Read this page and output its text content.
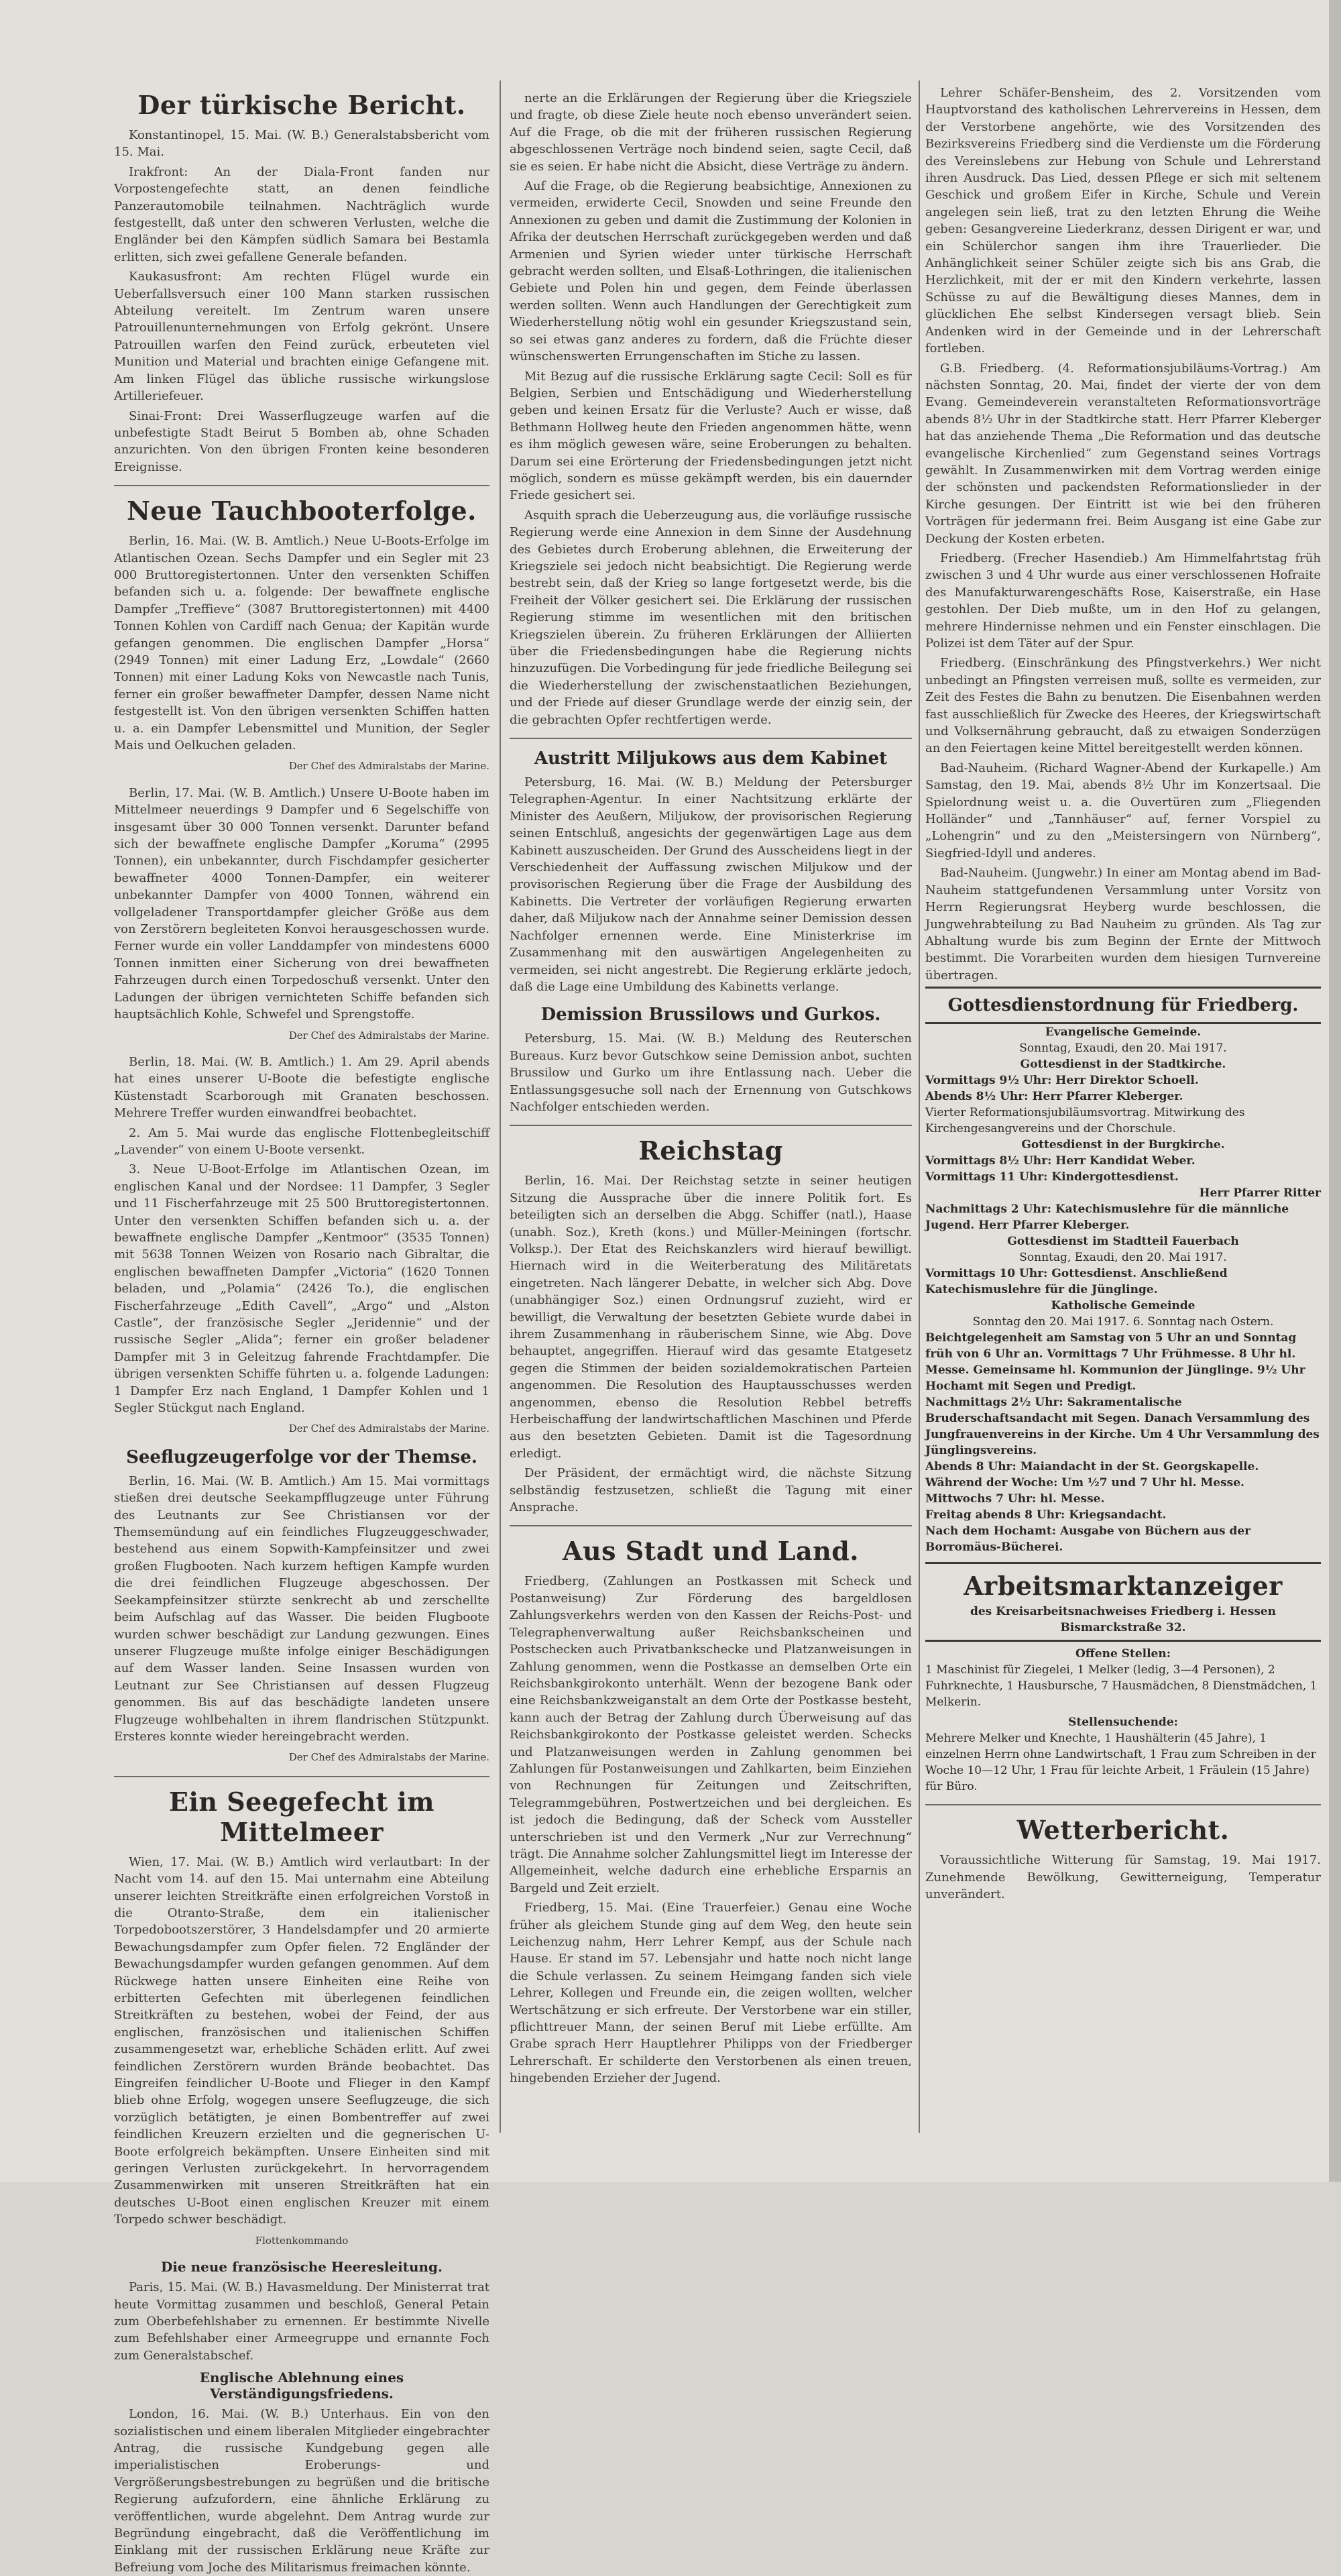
Der türkische Bericht.

Konstantinopel, 15. Mai. (W. B.) Generalstabsbericht vom 15. Mai.

Irakfront: An der Diala-Front fanden nur Vorpostengefechte statt, an denen feindliche Panzerautomobile teilnahmen. Nachträglich wurde festgestellt, daß unter den schweren Verlusten, welche die Engländer bei den Kämpfen südlich Samara bei Bestamla erlitten, sich zwei gefallene Generale befanden.

Kaukasusfront: Am rechten Flügel wurde ein Ueberfallsversuch einer 100 Mann starken russischen Abteilung vereitelt. Im Zentrum waren unsere Patrouillenunternehmungen von Erfolg gekrönt. Unsere Patrouillen warfen den Feind zurück, erbeuteten viel Munition und Material und brachten einige Gefangene mit. Am linken Flügel das übliche russische wirkungslose Artilleriefeuer.

Sinai-Front: Drei Wasserflugzeuge warfen auf die unbefestigte Stadt Beirut 5 Bomben ab, ohne Schaden anzurichten. Von den übrigen Fronten keine besonderen Ereignisse.

Neue Tauchbooterfolge.

Berlin, 16. Mai. (W. B. Amtlich.) Neue U-Boots-Erfolge im Atlantischen Ozean. Sechs Dampfer und ein Segler mit 23 000 Bruttoregistertonnen. Unter den versenkten Schiffen befanden sich u. a. folgende: Der bewaffnete englische Dampfer „Treffieve“ (3087 Bruttoregistertonnen) mit 4400 Tonnen Kohlen von Cardiff nach Genua; der Kapitän wurde gefangen genommen. Die englischen Dampfer „Horsa“ (2949 Tonnen) mit einer Ladung Erz, „Lowdale“ (2660 Tonnen) mit einer Ladung Koks von Newcastle nach Tunis, ferner ein großer bewaffneter Dampfer, dessen Name nicht festgestellt ist. Von den übrigen versenkten Schiffen hatten u. a. ein Dampfer Lebensmittel und Munition, der Segler Mais und Oelkuchen geladen.

Der Chef des Admiralstabs der Marine.

Berlin, 17. Mai. (W. B. Amtlich.) Unsere U-Boote haben im Mittelmeer neuerdings 9 Dampfer und 6 Segelschiffe von insgesamt über 30 000 Tonnen versenkt. Darunter befand sich der bewaffnete englische Dampfer „Koruma“ (2995 Tonnen), ein unbekannter, durch Fischdampfer gesicherter bewaffneter 4000 Tonnen-Dampfer, ein weiterer unbekannter Dampfer von 4000 Tonnen, während ein vollgeladener Transportdampfer gleicher Größe aus dem von Zerstörern begleiteten Konvoi herausgeschossen wurde. Ferner wurde ein voller Landdampfer von mindestens 6000 Tonnen inmitten einer Sicherung von drei bewaffneten Fahrzeugen durch einen Torpedoschuß versenkt. Unter den Ladungen der übrigen vernichteten Schiffe befanden sich hauptsächlich Kohle, Schwefel und Sprengstoffe.

Der Chef des Admiralstabs der Marine.

Berlin, 18. Mai. (W. B. Amtlich.) 1. Am 29. April abends hat eines unserer U-Boote die befestigte englische Küstenstadt Scarborough mit Granaten beschossen. Mehrere Treffer wurden einwandfrei beobachtet.

2. Am 5. Mai wurde das englische Flottenbegleitschiff „Lavender“ von einem U-Boote versenkt.

3. Neue U-Boot-Erfolge im Atlantischen Ozean, im englischen Kanal und der Nordsee: 11 Dampfer, 3 Segler und 11 Fischerfahrzeuge mit 25 500 Bruttoregistertonnen. Unter den versenkten Schiffen befanden sich u. a. der bewaffnete englische Dampfer „Kentmoor“ (3535 Tonnen) mit 5638 Tonnen Weizen von Rosario nach Gibraltar, die englischen bewaffneten Dampfer „Victoria“ (1620 Tonnen beladen, und „Polamia“ (2426 To.), die englischen Fischerfahrzeuge „Edith Cavell“, „Argo“ und „Alston Castle“, der französische Segler „Jeridennie“ und der russische Segler „Alida“; ferner ein großer beladener Dampfer mit 3 in Geleitzug fahrende Frachtdampfer. Die übrigen versenkten Schiffe führten u. a. folgende Ladungen: 1 Dampfer Erz nach England, 1 Dampfer Kohlen und 1 Segler Stückgut nach England.

Der Chef des Admiralstabs der Marine.

Seeflugzeugerfolge vor der Themse.

Berlin, 16. Mai. (W. B. Amtlich.) Am 15. Mai vormittags stießen drei deutsche Seekampfflugzeuge unter Führung des Leutnants zur See Christiansen vor der Themsemündung auf ein feindliches Flugzeuggeschwader, bestehend aus einem Sopwith-Kampfeinsitzer und zwei großen Flugbooten. Nach kurzem heftigen Kampfe wurden die drei feindlichen Flugzeuge abgeschossen. Der Seekampfeinsitzer stürzte senkrecht ab und zerschellte beim Aufschlag auf das Wasser. Die beiden Flugboote wurden schwer beschädigt zur Landung gezwungen. Eines unserer Flugzeuge mußte infolge einiger Beschädigungen auf dem Wasser landen. Seine Insassen wurden von Leutnant zur See Christiansen auf dessen Flugzeug genommen. Bis auf das beschädigte landeten unsere Flugzeuge wohlbehalten in ihrem flandrischen Stützpunkt. Ersteres konnte wieder hereingebracht werden.

Der Chef des Admiralstabs der Marine.

Ein Seegefecht im Mittelmeer

Wien, 17. Mai. (W. B.) Amtlich wird verlautbart: In der Nacht vom 14. auf den 15. Mai unternahm eine Abteilung unserer leichten Streitkräfte einen erfolgreichen Vorstoß in die Otranto-Straße, dem ein italienischer Torpedobootszerstörer, 3 Handelsdampfer und 20 armierte Bewachungsdampfer zum Opfer fielen. 72 Engländer der Bewachungsdampfer wurden gefangen genommen. Auf dem Rückwege hatten unsere Einheiten eine Reihe von erbitterten Gefechten mit überlegenen feindlichen Streitkräften zu bestehen, wobei der Feind, der aus englischen, französischen und italienischen Schiffen zusammengesetzt war, erhebliche Schäden erlitt. Auf zwei feindlichen Zerstörern wurden Brände beobachtet. Das Eingreifen feindlicher U-Boote und Flieger in den Kampf blieb ohne Erfolg, wogegen unsere Seeflugzeuge, die sich vorzüglich betätigten, je einen Bombentreffer auf zwei feindlichen Kreuzern erzielten und die gegnerischen U-Boote erfolgreich bekämpften. Unsere Einheiten sind mit geringen Verlusten zurückgekehrt. In hervorragendem Zusammenwirken mit unseren Streitkräften hat ein deutsches U-Boot einen englischen Kreuzer mit einem Torpedo schwer beschädigt.

Flottenkommando

Die neue französische Heeresleitung.

Paris, 15. Mai. (W. B.) Havasmeldung. Der Ministerrat trat heute Vormittag zusammen und beschloß, General Petain zum Oberbefehlshaber zu ernennen. Er bestimmte Nivelle zum Befehlshaber einer Armeegruppe und ernannte Foch zum Generalstabschef.

Englische Ablehnung eines Verständigungsfriedens.

London, 16. Mai. (W. B.) Unterhaus. Ein von den sozialistischen und einem liberalen Mitglieder eingebrachter Antrag, die russische Kundgebung gegen alle imperialistischen Eroberungs- und Vergrößerungsbestrebungen zu begrüßen und die britische Regierung aufzufordern, eine ähnliche Erklärung zu veröffentlichen, wurde abgelehnt. Dem Antrag wurde zur Begründung eingebracht, daß die Veröffentlichung im Einklang mit der russischen Erklärung neue Kräfte zur Befreiung vom Joche des Militarismus freimachen könnte.

nerte an die Erklärungen der Regierung über die Kriegsziele und fragte, ob diese Ziele heute noch ebenso unverändert seien. Auf die Frage, ob die mit der früheren russischen Regierung abgeschlossenen Verträge noch bindend seien, sagte Cecil, daß sie es seien. Er habe nicht die Absicht, diese Verträge zu ändern.

Auf die Frage, ob die Regierung beabsichtige, Annexionen zu vermeiden, erwiderte Cecil, Snowden und seine Freunde den Annexionen zu geben und damit die Zustimmung der Kolonien in Afrika der deutschen Herrschaft zurückgegeben werden und daß Armenien und Syrien wieder unter türkische Herrschaft gebracht werden sollten, und Elsaß-Lothringen, die italienischen Gebiete und Polen hin und gegen, dem Feinde überlassen werden sollten. Wenn auch Handlungen der Gerechtigkeit zum Wiederherstellung nötig wohl ein gesunder Kriegszustand sein, so sei etwas ganz anderes zu fordern, daß die Früchte dieser wünschenswerten Errungenschaften im Stiche zu lassen.

Mit Bezug auf die russische Erklärung sagte Cecil: Soll es für Belgien, Serbien und Entschädigung und Wiederherstellung geben und keinen Ersatz für die Verluste? Auch er wisse, daß Bethmann Hollweg heute den Frieden angenommen hätte, wenn es ihm möglich gewesen wäre, seine Eroberungen zu behalten. Darum sei eine Erörterung der Friedensbedingungen jetzt nicht möglich, sondern es müsse gekämpft werden, bis ein dauernder Friede gesichert sei.

Asquith sprach die Ueberzeugung aus, die vorläufige russische Regierung werde eine Annexion in dem Sinne der Ausdehnung des Gebietes durch Eroberung ablehnen, die Erweiterung der Kriegsziele sei jedoch nicht beabsichtigt. Die Regierung werde bestrebt sein, daß der Krieg so lange fortgesetzt werde, bis die Freiheit der Völker gesichert sei. Die Erklärung der russischen Regierung stimme im wesentlichen mit den britischen Kriegszielen überein. Zu früheren Erklärungen der Alliierten über die Friedensbedingungen habe die Regierung nichts hinzuzufügen. Die Vorbedingung für jede friedliche Beilegung sei die Wiederherstellung der zwischenstaatlichen Beziehungen, und der Friede auf dieser Grundlage werde der einzig sein, der die gebrachten Opfer rechtfertigen werde.

Austritt Miljukows aus dem Kabinet

Petersburg, 16. Mai. (W. B.) Meldung der Petersburger Telegraphen-Agentur. In einer Nachtsitzung erklärte der Minister des Aeußern, Miljukow, der provisorischen Regierung seinen Entschluß, angesichts der gegenwärtigen Lage aus dem Kabinett auszuscheiden. Der Grund des Ausscheidens liegt in der Verschiedenheit der Auffassung zwischen Miljukow und der provisorischen Regierung über die Frage der Ausbildung des Kabinetts. Die Vertreter der vorläufigen Regierung erwarten daher, daß Miljukow nach der Annahme seiner Demission dessen Nachfolger ernennen werde. Eine Ministerkrise im Zusammenhang mit den auswärtigen Angelegenheiten zu vermeiden, sei nicht angestrebt. Die Regierung erklärte jedoch, daß die Lage eine Umbildung des Kabinetts verlange.

Demission Brussilows und Gurkos.

Petersburg, 15. Mai. (W. B.) Meldung des Reuterschen Bureaus. Kurz bevor Gutschkow seine Demission anbot, suchten Brussilow und Gurko um ihre Entlassung nach. Ueber die Entlassungsgesuche soll nach der Ernennung von Gutschkows Nachfolger entschieden werden.

Reichstag

Berlin, 16. Mai. Der Reichstag setzte in seiner heutigen Sitzung die Aussprache über die innere Politik fort. Es beteiligten sich an derselben die Abgg. Schiffer (natl.), Haase (unabh. Soz.), Kreth (kons.) und Müller-Meiningen (fortschr. Volksp.). Der Etat des Reichskanzlers wird hierauf bewilligt. Hiernach wird in die Weiterberatung des Militäretats eingetreten. Nach längerer Debatte, in welcher sich Abg. Dove (unabhängiger Soz.) einen Ordnungsruf zuzieht, wird er bewilligt, die Verwaltung der besetzten Gebiete wurde dabei in ihrem Zusammenhang in räuberischem Sinne, wie Abg. Dove behauptet, angegriffen. Hierauf wird das gesamte Etatgesetz gegen die Stimmen der beiden sozialdemokratischen Parteien angenommen. Die Resolution des Hauptausschusses werden angenommen, ebenso die Resolution Rebbel betreffs Herbeischaffung der landwirtschaftlichen Maschinen und Pferde aus den besetzten Gebieten. Damit ist die Tagesordnung erledigt.

Der Präsident, der ermächtigt wird, die nächste Sitzung selbständig festzusetzen, schließt die Tagung mit einer Ansprache.

Aus Stadt und Land.

Friedberg, (Zahlungen an Postkassen mit Scheck und Postanweisung) Zur Förderung des bargeldlosen Zahlungsverkehrs werden von den Kassen der Reichs-Post- und Telegraphenverwaltung außer Reichsbankscheinen und Postschecken auch Privatbankschecke und Platzanweisungen in Zahlung genommen, wenn die Postkasse an demselben Orte ein Reichsbankgirokonto unterhält. Wenn der bezogene Bank oder eine Reichsbankzweiganstalt an dem Orte der Postkasse besteht, kann auch der Betrag der Zahlung durch Überweisung auf das Reichsbankgirokonto der Postkasse geleistet werden. Schecks und Platzanweisungen werden in Zahlung genommen bei Zahlungen für Postanweisungen und Zahlkarten, beim Einziehen von Rechnungen für Zeitungen und Zeitschriften, Telegrammgebühren, Postwertzeichen und bei dergleichen. Es ist jedoch die Bedingung, daß der Scheck vom Aussteller unterschrieben ist und den Vermerk „Nur zur Verrechnung“ trägt. Die Annahme solcher Zahlungsmittel liegt im Interesse der Allgemeinheit, welche dadurch eine erhebliche Ersparnis an Bargeld und Zeit erzielt.

Friedberg, 15. Mai. (Eine Trauerfeier.) Genau eine Woche früher als gleichem Stunde ging auf dem Weg, den heute sein Leichenzug nahm, Herr Lehrer Kempf, aus der Schule nach Hause. Er stand im 57. Lebensjahr und hatte noch nicht lange die Schule verlassen. Zu seinem Heimgang fanden sich viele Lehrer, Kollegen und Freunde ein, die zeigen wollten, welcher Wertschätzung er sich erfreute. Der Verstorbene war ein stiller, pflichttreuer Mann, der seinen Beruf mit Liebe erfüllte. Am Grabe sprach Herr Hauptlehrer Philipps von der Friedberger Lehrerschaft. Er schilderte den Verstorbenen als einen treuen, hingebenden Erzieher der Jugend.

Lehrer Schäfer-Bensheim, des 2. Vorsitzenden vom Hauptvorstand des katholischen Lehrervereins in Hessen, dem der Verstorbene angehörte, wie des Vorsitzenden des Bezirksvereins Friedberg sind die Verdienste um die Förderung des Vereinslebens zur Hebung von Schule und Lehrerstand ihren Ausdruck. Das Lied, dessen Pflege er sich mit seltenem Geschick und großem Eifer in Kirche, Schule und Verein angelegen sein ließ, trat zu den letzten Ehrung die Weihe geben: Gesangvereine Liederkranz, dessen Dirigent er war, und ein Schülerchor sangen ihm ihre Trauerlieder. Die Anhänglichkeit seiner Schüler zeigte sich bis ans Grab, die Herzlichkeit, mit der er mit den Kindern verkehrte, lassen Schüsse zu auf die Bewältigung dieses Mannes, dem in glücklichen Ehe selbst Kindersegen versagt blieb. Sein Andenken wird in der Gemeinde und in der Lehrerschaft fortleben.

G.B. Friedberg. (4. Reformationsjubiläums-Vortrag.) Am nächsten Sonntag, 20. Mai, findet der vierte der von dem Evang. Gemeindeverein veranstalteten Reformationsvorträge abends 8½ Uhr in der Stadtkirche statt. Herr Pfarrer Kleberger hat das anziehende Thema „Die Reformation und das deutsche evangelische Kirchenlied“ zum Gegenstand seines Vortrags gewählt. In Zusammenwirken mit dem Vortrag werden einige der schönsten und packendsten Reformationslieder in der Kirche gesungen. Der Eintritt ist wie bei den früheren Vorträgen für jedermann frei. Beim Ausgang ist eine Gabe zur Deckung der Kosten erbeten.

Friedberg. (Frecher Hasendieb.) Am Himmelfahrtstag früh zwischen 3 und 4 Uhr wurde aus einer verschlossenen Hofraite des Manufakturwarengeschäfts Rose, Kaiserstraße, ein Hase gestohlen. Der Dieb mußte, um in den Hof zu gelangen, mehrere Hindernisse nehmen und ein Fenster einschlagen. Die Polizei ist dem Täter auf der Spur.

Friedberg. (Einschränkung des Pfingstverkehrs.) Wer nicht unbedingt an Pfingsten verreisen muß, sollte es vermeiden, zur Zeit des Festes die Bahn zu benutzen. Die Eisenbahnen werden fast ausschließlich für Zwecke des Heeres, der Kriegswirtschaft und Volksernährung gebraucht, daß zu etwaigen Sonderzügen an den Feiertagen keine Mittel bereitgestellt werden können.

Bad-Nauheim. (Richard Wagner-Abend der Kurkapelle.) Am Samstag, den 19. Mai, abends 8½ Uhr im Konzertsaal. Die Spielordnung weist u. a. die Ouvertüren zum „Fliegenden Holländer“ und „Tannhäuser“ auf, ferner Vorspiel zu „Lohengrin“ und zu den „Meistersingern von Nürnberg“, Siegfried-Idyll und anderes.

Bad-Nauheim. (Jungwehr.) In einer am Montag abend im Bad-Nauheim stattgefundenen Versammlung unter Vorsitz von Herrn Regierungsrat Heyberg wurde beschlossen, die Jungwehrabteilung zu Bad Nauheim zu gründen. Als Tag zur Abhaltung wurde bis zum Beginn der Ernte der Mittwoch bestimmt. Die Vorarbeiten wurden dem hiesigen Turnvereine übertragen.

Gottesdienstordnung für Friedberg.

Evangelische Gemeinde.

Sonntag, Exaudi, den 20. Mai 1917.

Gottesdienst in der Stadtkirche.

Vormittags 9½ Uhr: Herr Direktor Schoell.

Abends 8½ Uhr: Herr Pfarrer Kleberger.

Vierter Reformationsjubiläumsvortrag. Mitwirkung des Kirchengesangvereins und der Chorschule.

Gottesdienst in der Burgkirche.

Vormittags 8½ Uhr: Herr Kandidat Weber.

Vormittags 11 Uhr: Kindergottesdienst.

Herr Pfarrer Ritter

Nachmittags 2 Uhr: Katechismuslehre für die männliche Jugend. Herr Pfarrer Kleberger.

Gottesdienst im Stadtteil Fauerbach

Sonntag, Exaudi, den 20. Mai 1917.

Vormittags 10 Uhr: Gottesdienst. Anschließend Katechismuslehre für die Jünglinge.

Katholische Gemeinde

Sonntag den 20. Mai 1917. 6. Sonntag nach Ostern.

Beichtgelegenheit am Samstag von 5 Uhr an und Sonntag früh von 6 Uhr an. Vormittags 7 Uhr Frühmesse. 8 Uhr hl. Messe. Gemeinsame hl. Kommunion der Jünglinge. 9½ Uhr Hochamt mit Segen und Predigt.

Nachmittags 2½ Uhr: Sakramentalische Bruderschaftsandacht mit Segen. Danach Versammlung des Jungfrauenvereins in der Kirche. Um 4 Uhr Versammlung des Jünglingsvereins.

Abends 8 Uhr: Maiandacht in der St. Georgskapelle.

Während der Woche: Um ½7 und 7 Uhr hl. Messe.

Mittwochs 7 Uhr: hl. Messe.

Freitag abends 8 Uhr: Kriegsandacht.

Nach dem Hochamt: Ausgabe von Büchern aus der Borromäus-Bücherei.

Arbeitsmarktanzeiger

des Kreisarbeitsnachweises Friedberg i. Hessen

Bismarckstraße 32.

Offene Stellen:

1 Maschinist für Ziegelei, 1 Melker (ledig, 3—4 Personen), 2 Fuhrknechte, 1 Hausbursche, 7 Hausmädchen, 8 Dienstmädchen, 1 Melkerin.

Stellensuchende:

Mehrere Melker und Knechte, 1 Haushälterin (45 Jahre), 1 einzelnen Herrn ohne Landwirtschaft, 1 Frau zum Schreiben in der Woche 10—12 Uhr, 1 Frau für leichte Arbeit, 1 Fräulein (15 Jahre) für Büro.

Wetterbericht.

Voraussichtliche Witterung für Samstag, 19. Mai 1917. Zunehmende Bewölkung, Gewitterneigung, Temperatur unverändert.
